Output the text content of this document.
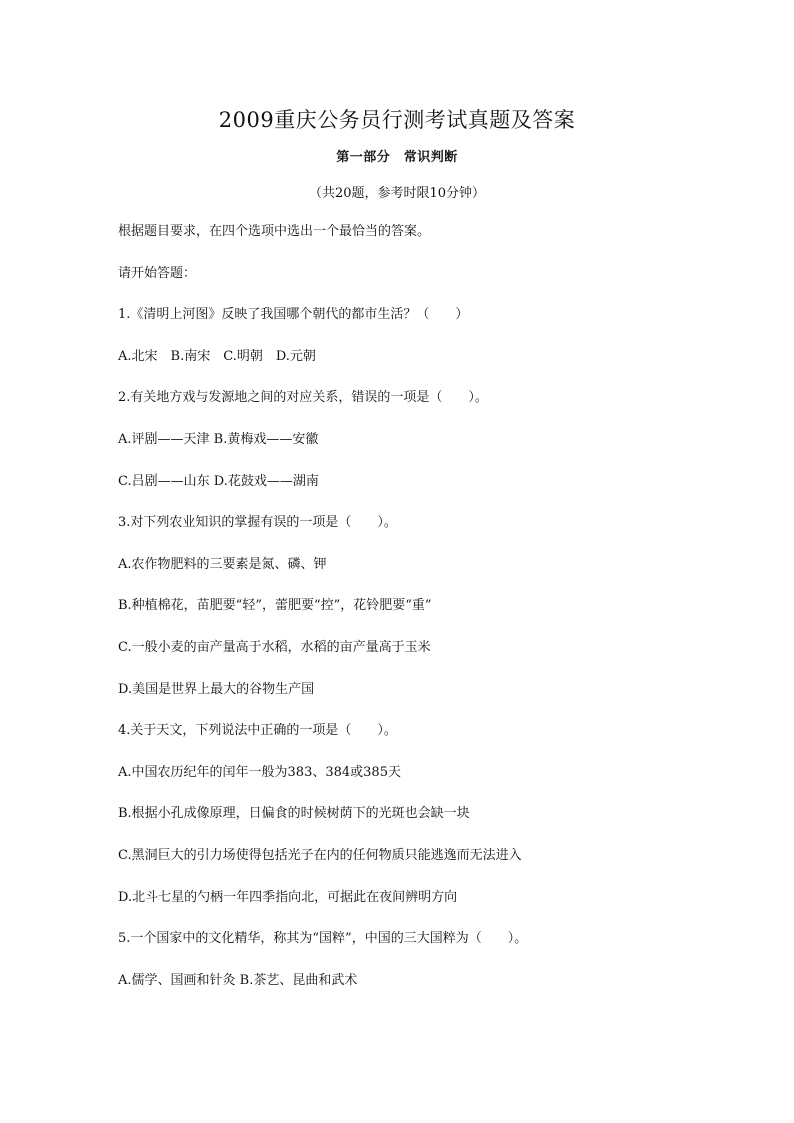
2009重庆公务员行测考试真题及答案
第一部分　常识判断
（共20题，参考时限10分钟）
根据题目要求，在四个选项中选出一个最恰当的答案。
请开始答题：
1.《清明上河图》反映了我国哪个朝代的都市生活？（　　）
A.北宋　B.南宋　C.明朝　D.元朝
2.有关地方戏与发源地之间的对应关系，错误的一项是（　　）。
A.评剧——天津 B.黄梅戏——安徽
C.吕剧——山东 D.花鼓戏——湖南
3.对下列农业知识的掌握有误的一项是（　　）。
A.农作物肥料的三要素是氮、磷、钾
B.种植棉花，苗肥要“轻”，蕾肥要“控”，花铃肥要“重”
C.一般小麦的亩产量高于水稻，水稻的亩产量高于玉米
D.美国是世界上最大的谷物生产国
4.关于天文，下列说法中正确的一项是（　　）。
A.中国农历纪年的闰年一般为383、384或385天
B.根据小孔成像原理，日偏食的时候树荫下的光斑也会缺一块
C.黑洞巨大的引力场使得包括光子在内的任何物质只能逃逸而无法进入
D.北斗七星的勺柄一年四季指向北，可据此在夜间辨明方向
5.一个国家中的文化精华，称其为“国粹”，中国的三大国粹为（　　）。
A.儒学、国画和针灸 B.茶艺、昆曲和武术
